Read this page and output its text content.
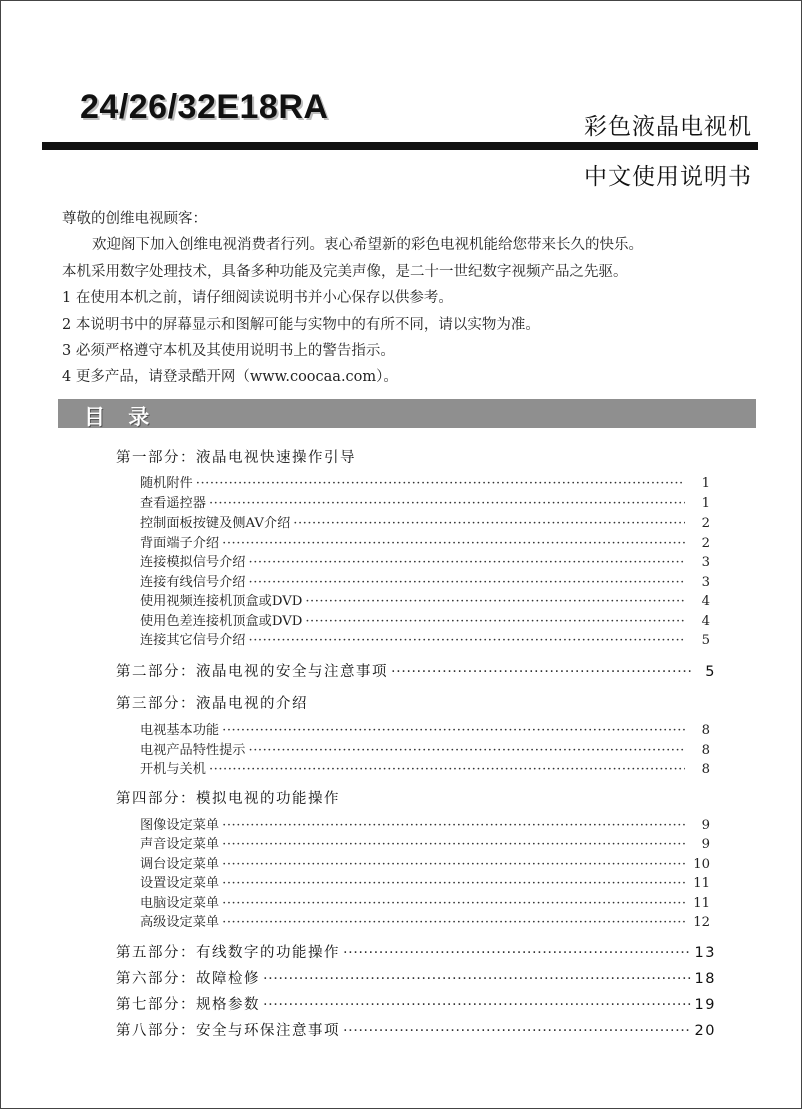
24/26/32E18RA
彩色液晶电视机
中文使用说明书

尊敬的创维电视顾客：

欢迎阁下加入创维电视消费者行列。衷心希望新的彩色电视机能给您带来长久的快乐。

本机采用数字处理技术，具备多种功能及完美声像，是二十一世纪数字视频产品之先驱。

1 在使用本机之前，请仔细阅读说明书并小心保存以供参考。

2 本说明书中的屏幕显示和图解可能与实物中的有所不同，请以实物为准。

3 必须严格遵守本机及其使用说明书上的警告指示。

4 更多产品，请登录酷开网（www.coocaa.com）。

目 录
第一部分：液晶电视快速操作引导
随机附件 ·····	1
查看遥控器 ·····	1
控制面板按键及侧AV介绍 ·····	2
背面端子介绍 ·····	2
连接模拟信号介绍 ·····	3
连接有线信号介绍 ·····	3
使用视频连接机顶盒或DVD ·····	4
使用色差连接机顶盒或DVD ·····	4
连接其它信号介绍 ·····	5
第二部分：液晶电视的安全与注意事项 ·····	5
第三部分：液晶电视的介绍
电视基本功能 ·····	8
电视产品特性提示 ·····	8
开机与关机 ·····	8
第四部分：模拟电视的功能操作
图像设定菜单 ·····	9
声音设定菜单 ·····	9
调台设定菜单 ·····	10
设置设定菜单 ·····	11
电脑设定菜单 ·····	11
高级设定菜单 ·····	12
第五部分：有线数字的功能操作 ·····	13
第六部分：故障检修 ·····	18
第七部分：规格参数 ·····	19
第八部分：安全与环保注意事项 ·····	20
